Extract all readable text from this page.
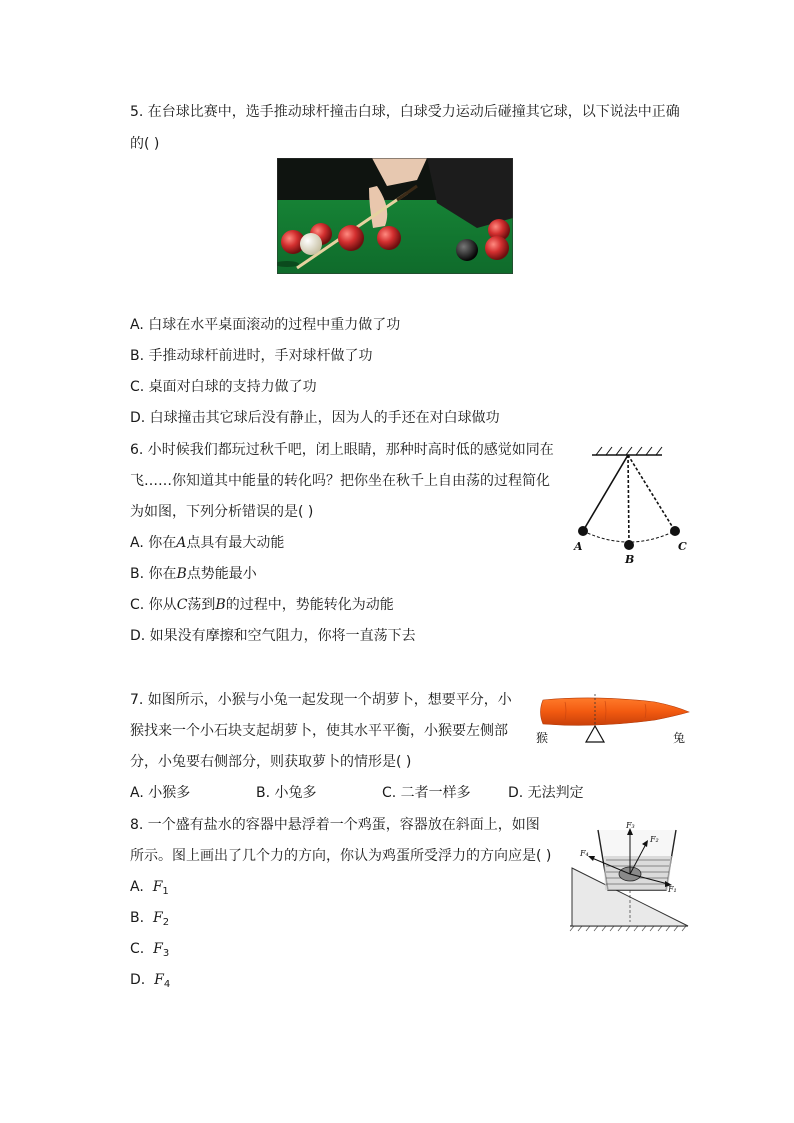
5. 在台球比赛中，选手推动球杆撞击白球，白球受力运动后碰撞其它球，以下说法中正确
的( )
A. 白球在水平桌面滚动的过程中重力做了功
B. 手推动球杆前进时，手对球杆做了功
C. 桌面对白球的支持力做了功
D. 白球撞击其它球后没有静止，因为人的手还在对白球做功
6. 小时候我们都玩过秋千吧，闭上眼睛，那种时高时低的感觉如同在
飞……你知道其中能量的转化吗？把你坐在秋千上自由荡的过程简化
为如图，下列分析错误的是( )
A. 你在A点具有最大动能
B. 你在B点势能最小
C. 你从C荡到B的过程中，势能转化为动能
D. 如果没有摩擦和空气阻力，你将一直荡下去
A
B
C
7. 如图所示，小猴与小兔一起发现一个胡萝卜，想要平分，小
猴找来一个小石块支起胡萝卜，使其水平平衡，小猴要左侧部
分，小兔要右侧部分，则获取萝卜的情形是( )
A. 小猴多	B. 小兔多	C. 二者一样多	D. 无法判定
猴	兔
8. 一个盛有盐水的容器中悬浮着一个鸡蛋，容器放在斜面上，如图
所示。图上画出了几个力的方向，你认为鸡蛋所受浮力的方向应是( )
A. $F_1$
B. $F_2$
C. $F_3$
D. $F_4$
F₃
F₂
F₁
F₄
